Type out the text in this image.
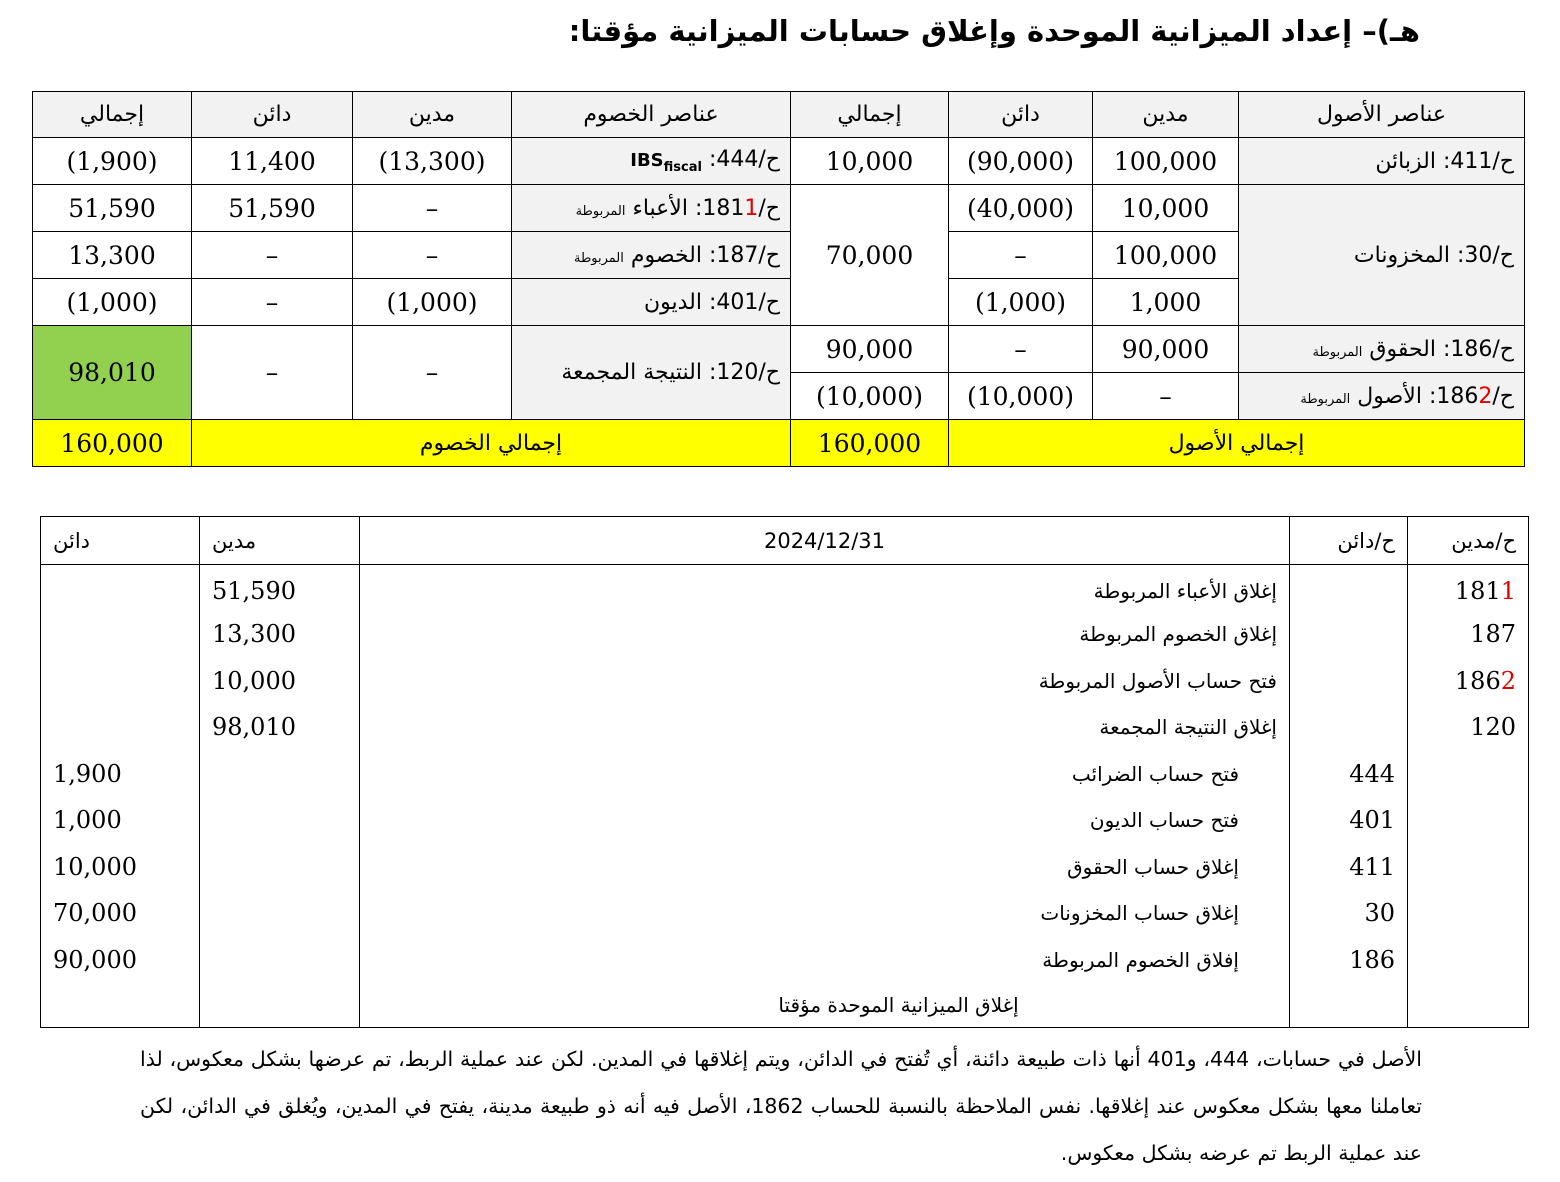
هـ)– إعداد الميزانية الموحدة وإغلاق حسابات الميزانية مؤقتا:
عناصر الأصول	مدين	دائن	إجمالي	عناصر الخصوم	مدين	دائن	إجمالي
ح/411: الزبائن	100,000	(90,000)	10,000	ح/444: $IBS_{fiscal}$	(13,300)	11,400	(1,900)
ح/30: المخزونات	10,000	(40,000)	70,000	ح/1811: الأعباء المربوطة	–	51,590	51,590
	100,000	–		ح/187: الخصوم المربوطة	–	–	13,300
	1,000	(1,000)		ح/401: الديون	(1,000)	–	(1,000)
ح/186: الحقوق المربوطة	90,000	–	90,000	ح/120: النتيجة المجمعة	–	–	98,010
ح/1862: الأصول المربوطة	–	(10,000)	(10,000)				
إجمالي الأصول			160,000	إجمالي الخصوم			160,000
ح/مدين	ح/دائن	2024/12/31	مدين	دائن
1811		إغلاق الأعباء المربوطة	51,590	
187		إغلاق الخصوم المربوطة	13,300	
1862		فتح حساب الأصول المربوطة	10,000	
120		إغلاق النتيجة المجمعة	98,010	
	444	فتح حساب الضرائب		1,900
	401	فتح حساب الديون		1,000
	411	إغلاق حساب الحقوق		10,000
	30	إغلاق حساب المخزونات		70,000
	186	إفلاق الخصوم المربوطة		90,000
		إغلاق الميزانية الموحدة مؤقتا		
الأصل في حسابات، 444، و401 أنها ذات طبيعة دائنة، أي تُفتح في الدائن، ويتم إغلاقها في المدين. لكن عند عملية الربط، تم عرضها بشكل معكوس، لذا تعاملنا معها بشكل معكوس عند إغلاقها. نفس الملاحظة بالنسبة للحساب 1862، الأصل فيه أنه ذو طبيعة مدينة، يفتح في المدين، ويُغلق في الدائن، لكن عند عملية الربط تم عرضه بشكل معكوس.
